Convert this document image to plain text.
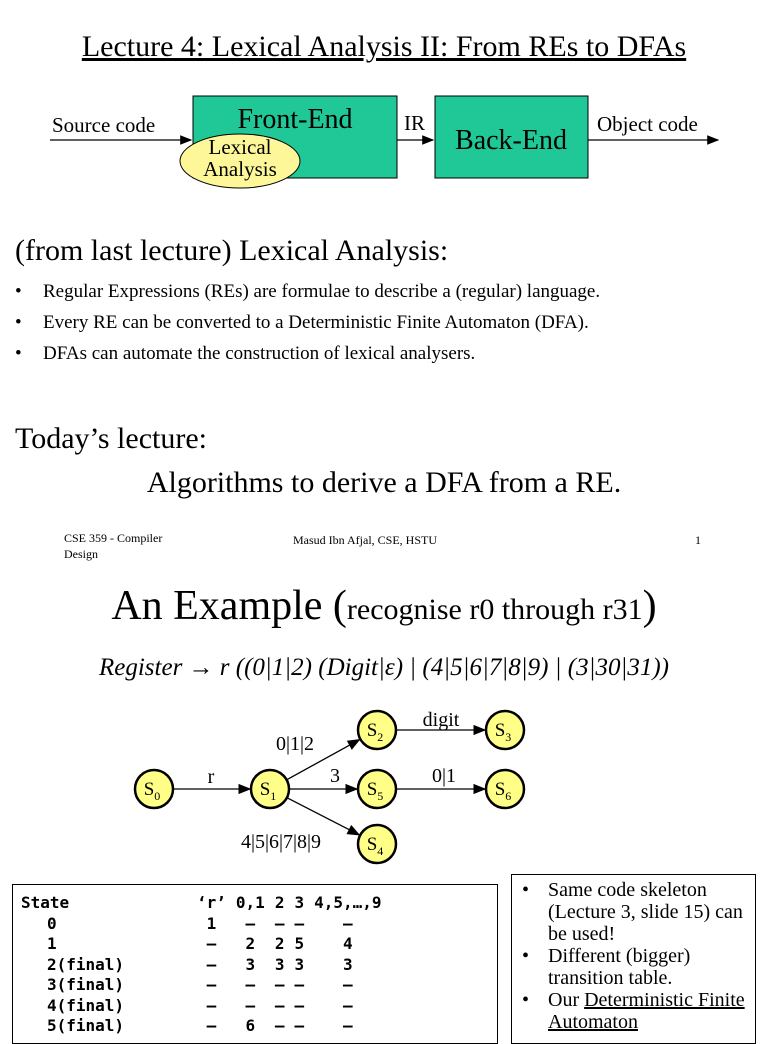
Lecture 4: Lexical Analysis II: From REs to DFAs
Source code	Front-End
Lexical
Analysis
IR
Back-End
Object code
(from last lecture) Lexical Analysis:
• Regular Expressions (REs) are formulae to describe a (regular) language.
• Every RE can be converted to a Deterministic Finite Automaton (DFA).
• DFAs can automate the construction of lexical analysers.
Today’s lecture:
Algorithms to derive a DFA from a RE.
CSE 359 - Compiler
Design
Masud Ibn Afjal, CSE, HSTU	1
An Example (recognise r0 through r31)
Register → r ((0|1|2) (Digit|ε) | (4|5|6|7|8|9) | (3|30|31))
r
0|1|2
3
4|5|6|7|8|9
digit
0|1
$S_0$	$S_1$
$S_2$	$S_3$
$S_5$	$S_6$
$S_4$
State	‘r’	0,1	2	3	4,5,…,9
0	1	–	–	–	–
1	–	2	2	5	4
2(final)	–	3	3	3	3
3(final)	–	–	–	–	–
4(final)	–	–	–	–	–
5(final)	–	6	–	–	–
• Same code skeleton (Lecture 3, slide 15) can be used!
• Different (bigger) transition table.
• Our Deterministic Finite Automaton
